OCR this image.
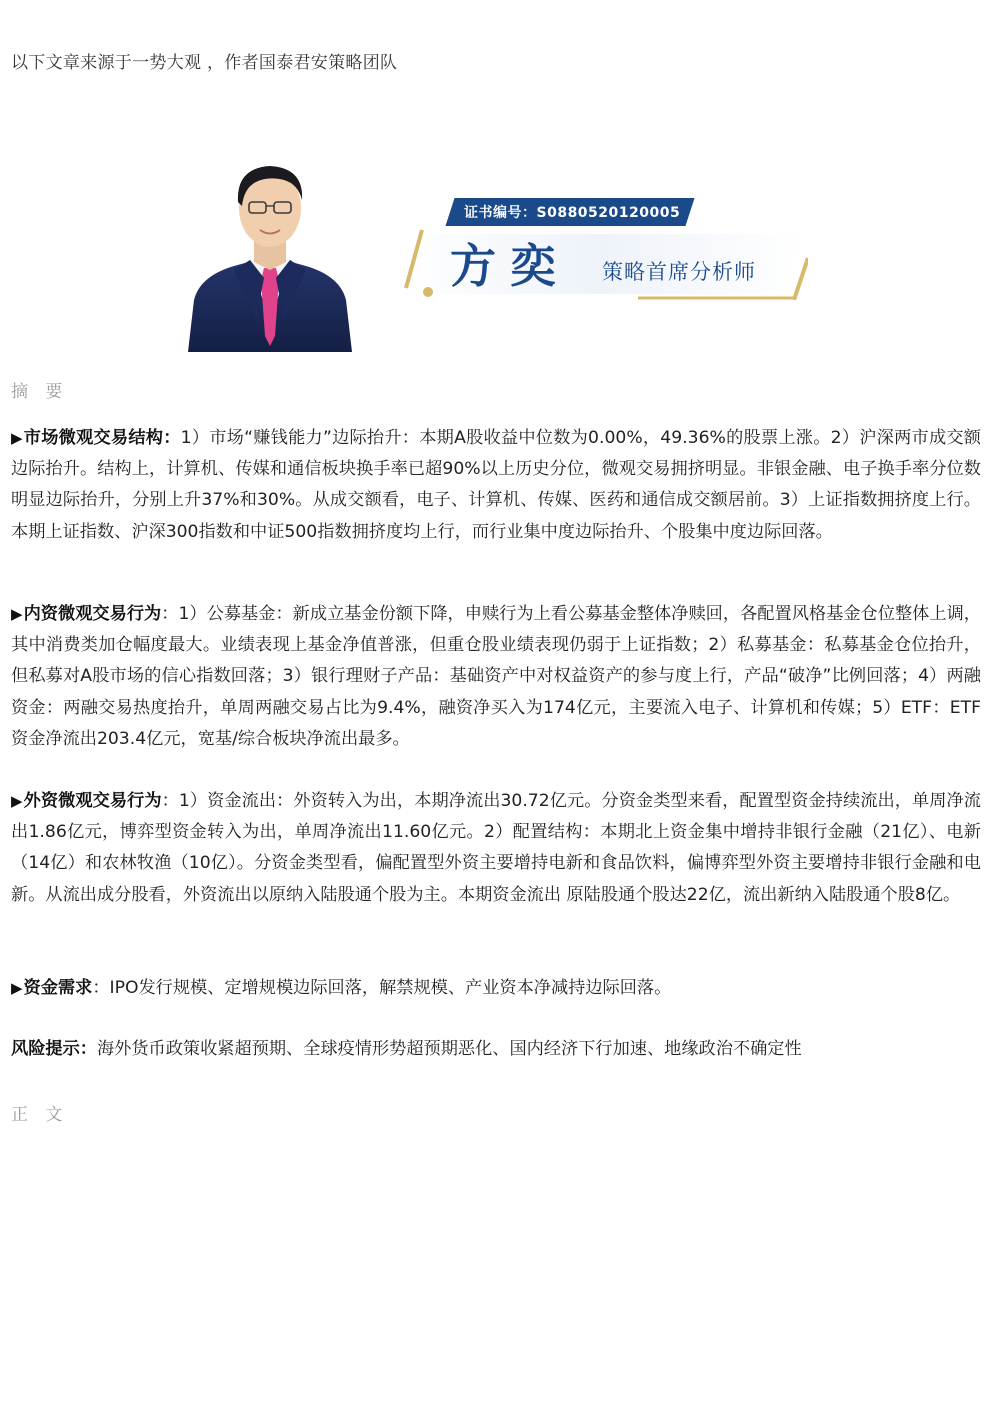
以下文章来源于一势大观 ，作者国泰君安策略团队
证书编号：S0880520120005
方奕 策略首席分析师
摘 要

▶市场微观交易结构：1）市场“赚钱能力”边际抬升：本期A股收益中位数为0.00%，49.36%的股票上涨。2）沪深两市成交额边际抬升。结构上，计算机、传媒和通信板块换手率已超90%以上历史分位，微观交易拥挤明显。非银金融、电子换手率分位数明显边际抬升，分别上升37%和30%。从成交额看，电子、计算机、传媒、医药和通信成交额居前。3）上证指数拥挤度上行。本期上证指数、沪深300指数和中证500指数拥挤度均上行，而行业集中度边际抬升、个股集中度边际回落。

▶内资微观交易行为：1）公募基金：新成立基金份额下降，申赎行为上看公募基金整体净赎回，各配置风格基金仓位整体上调，其中消费类加仓幅度最大。业绩表现上基金净值普涨，但重仓股业绩表现仍弱于上证指数；2）私募基金：私募基金仓位抬升，但私募对A股市场的信心指数回落；3）银行理财子产品：基础资产中对权益资产的参与度上行，产品“破净”比例回落；4）两融资金：两融交易热度抬升，单周两融交易占比为9.4%，融资净买入为174亿元，主要流入电子、计算机和传媒；5）ETF：ETF资金净流出203.4亿元，宽基/综合板块净流出最多。

▶外资微观交易行为：1）资金流出：外资转入为出，本期净流出30.72亿元。分资金类型来看，配置型资金持续流出，单周净流出1.86亿元，博弈型资金转入为出，单周净流出11.60亿元。2）配置结构：本期北上资金集中增持非银行金融（21亿）、电新（14亿）和农林牧渔（10亿）。分资金类型看，偏配置型外资主要增持电新和食品饮料，偏博弈型外资主要增持非银行金融和电新。从流出成分股看，外资流出以原纳入陆股通个股为主。本期资金流出 原陆股通个股达22亿，流出新纳入陆股通个股8亿。

▶资金需求：IPO发行规模、定增规模边际回落，解禁规模、产业资本净减持边际回落。

风险提示：海外货币政策收紧超预期、全球疫情形势超预期恶化、国内经济下行加速、地缘政治不确定性

正 文
